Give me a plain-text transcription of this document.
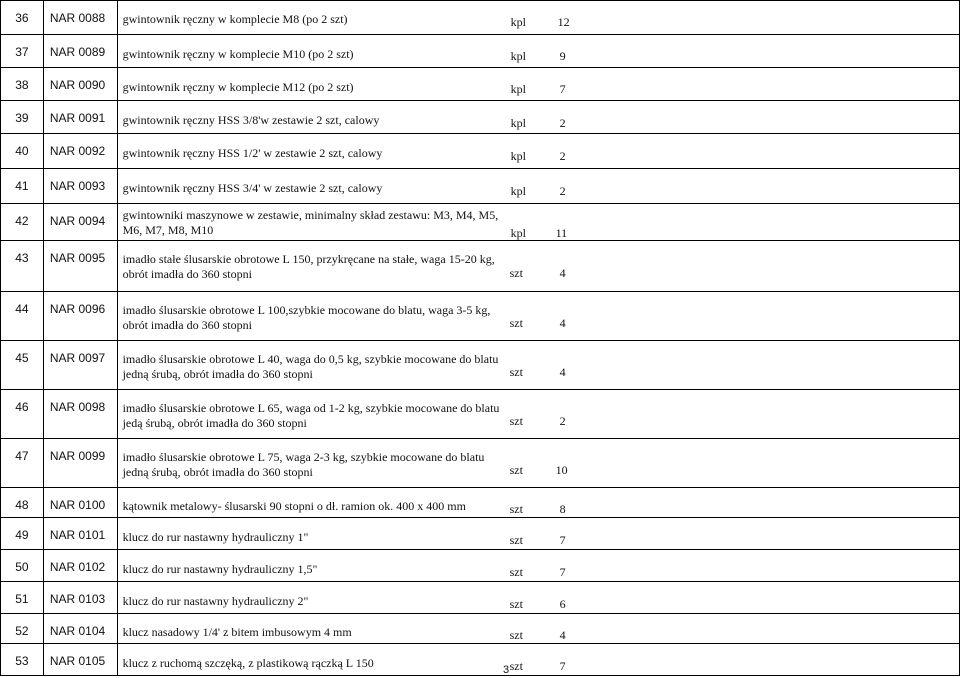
36	NAR 0088	gwintownik ręczny w komplecie M8 (po 2 szt) kpl 12

37	NAR 0089	gwintownik ręczny w komplecie M10 (po 2 szt) kpl 9

38	NAR 0090	gwintownik ręczny w komplecie M12 (po 2 szt) kpl 7

39	NAR 0091	gwintownik ręczny HSS 3/8'w zestawie 2 szt, calowy kpl 2

40	NAR 0092	gwintownik ręczny HSS 1/2' w zestawie 2 szt, calowy kpl 2

41	NAR 0093	gwintownik ręczny HSS 3/4' w zestawie 2 szt, calowy kpl 2

42	NAR 0094	gwintowniki maszynowe w zestawie, minimalny skład zestawu: M3, M4, M5, M6, M7, M8, M10 kpl 11

43	NAR 0095	imadło stałe ślusarskie obrotowe L 150, przykręcane na stałe, waga 15-20 kg, obrót imadła do 360 stopni szt 4

44	NAR 0096	imadło ślusarskie obrotowe L 100,szybkie mocowane do blatu, waga 3-5 kg, obrót imadła do 360 stopni szt 4

45	NAR 0097	imadło ślusarskie obrotowe L 40, waga do 0,5 kg, szybkie mocowane do blatu jedną śrubą, obrót imadła do 360 stopni szt 4

46	NAR 0098	imadło ślusarskie obrotowe L 65, waga od 1-2 kg, szybkie mocowane do blatu jedą śrubą, obrót imadła do 360 stopni szt 2

47	NAR 0099	imadło ślusarskie obrotowe L 75, waga 2-3 kg, szybkie mocowane do blatu jedną śrubą, obrót imadła do 360 stopni szt 10

48	NAR 0100	kątownik metalowy- ślusarski 90 stopni o dł. ramion ok. 400 x 400 mm szt 8

49	NAR 0101	klucz do rur nastawny hydrauliczny 1" szt 7

50	NAR 0102	klucz do rur nastawny hydrauliczny 1,5" szt 7

51	NAR 0103	klucz do rur nastawny hydrauliczny 2" szt 6

52	NAR 0104	klucz nasadowy 1/4' z bitem imbusowym 4 mm szt 4

53	NAR 0105	klucz z ruchomą szczęką, z plastikową rączką L 150 szt 7
3
